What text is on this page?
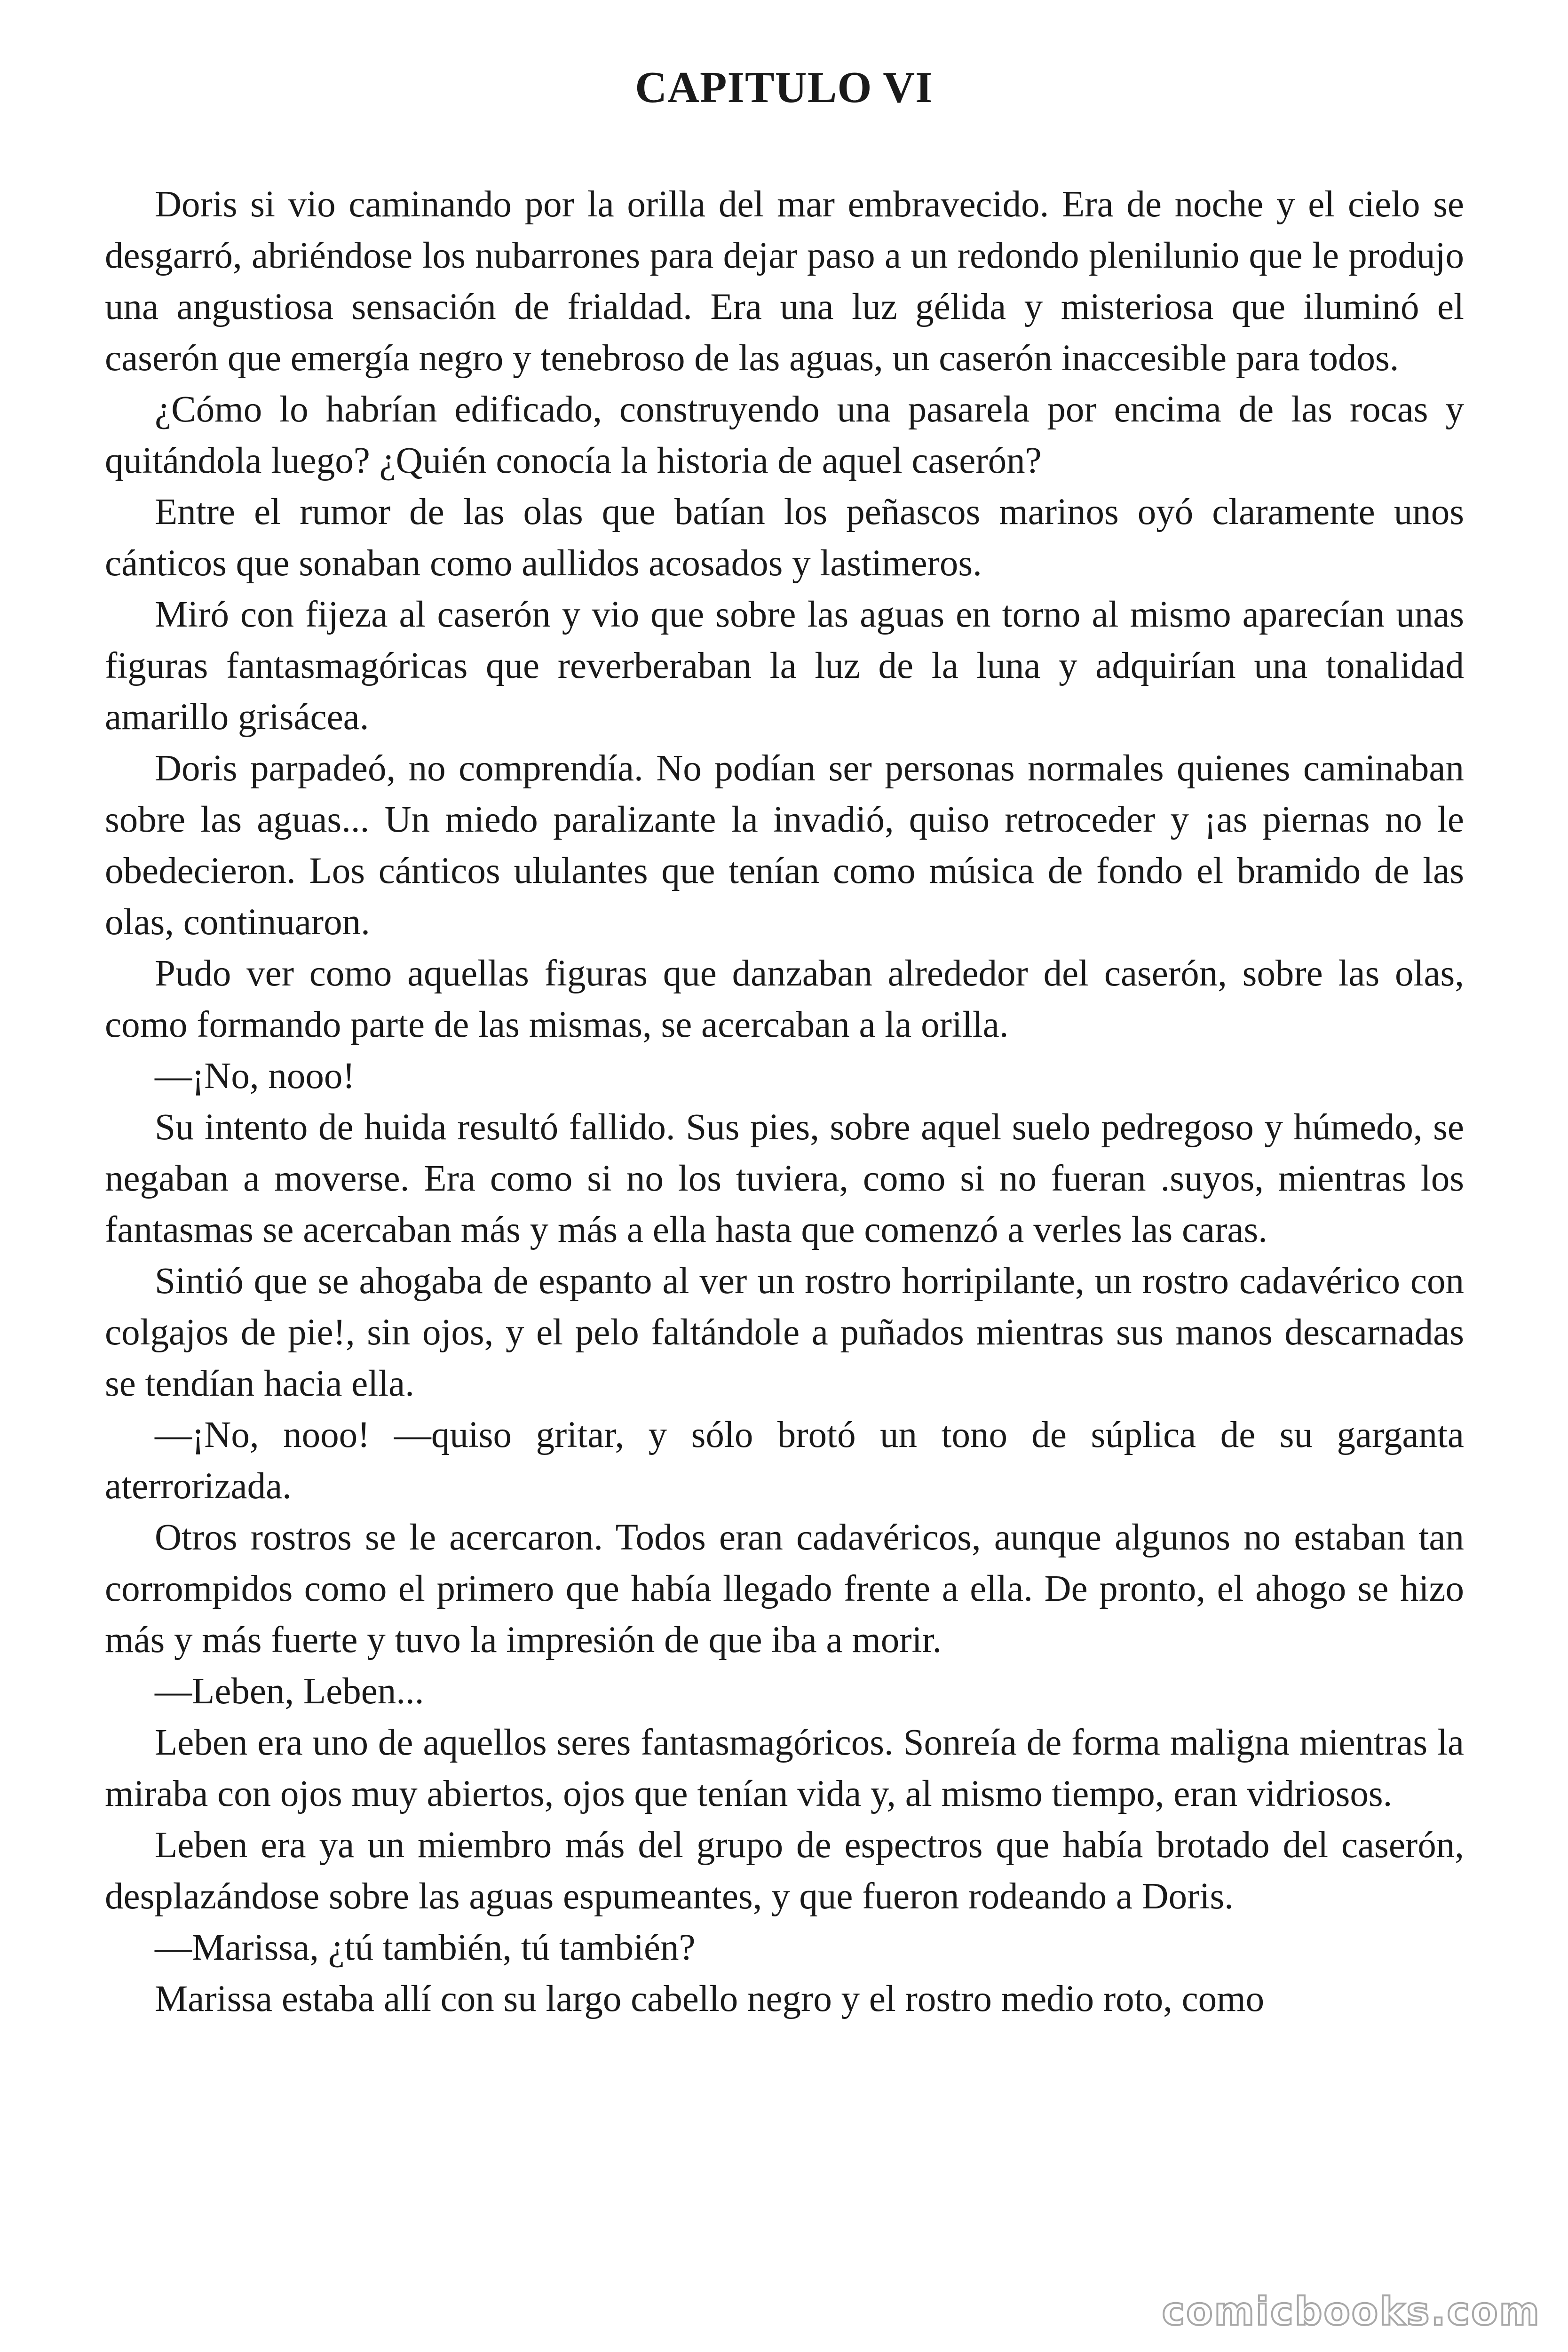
CAPITULO VI

Doris si vio caminando por la orilla del mar embravecido. Era de noche y el cielo se desgarró, abriéndose los nubarrones para dejar paso a un redondo plenilunio que le produjo una angustiosa sensación de frialdad. Era una luz gélida y misteriosa que iluminó el caserón que emergía negro y tenebroso de las aguas, un caserón inaccesible para todos.

¿Cómo lo habrían edificado, construyendo una pasarela por encima de las rocas y quitándola luego? ¿Quién conocía la historia de aquel caserón?

Entre el rumor de las olas que batían los peñascos marinos oyó claramente unos cánticos que sonaban como aullidos acosados y lastimeros.

Miró con fijeza al caserón y vio que sobre las aguas en torno al mismo aparecían unas figuras fantasmagóricas que reverberaban la luz de la luna y adquirían una tonalidad amarillo grisácea.

Doris parpadeó, no comprendía. No podían ser personas normales quienes caminaban sobre las aguas... Un miedo paralizante la invadió, quiso retroceder y ¡as piernas no le obedecieron. Los cánticos ululantes que tenían como música de fondo el bramido de las olas, continuaron.

Pudo ver como aquellas figuras que danzaban alrededor del caserón, sobre las olas, como formando parte de las mismas, se acercaban a la orilla.

—¡No, nooo!

Su intento de huida resultó fallido. Sus pies, sobre aquel suelo pedregoso y húmedo, se negaban a moverse. Era como si no los tuviera, como si no fueran .suyos, mientras los fantasmas se acercaban más y más a ella hasta que comenzó a verles las caras.

Sintió que se ahogaba de espanto al ver un rostro horripilante, un rostro cadavérico con colgajos de pie!, sin ojos, y el pelo faltándole a puñados mientras sus manos descarnadas se tendían hacia ella.

—¡No, nooo! —quiso gritar, y sólo brotó un tono de súplica de su garganta aterrorizada.

Otros rostros se le acercaron. Todos eran cadavéricos, aunque algunos no estaban tan corrompidos como el primero que había llegado frente a ella. De pronto, el ahogo se hizo más y más fuerte y tuvo la impresión de que iba a morir.

—Leben, Leben...

Leben era uno de aquellos seres fantasmagóricos. Sonreía de forma maligna mientras la miraba con ojos muy abiertos, ojos que tenían vida y, al mismo tiempo, eran vidriosos.

Leben era ya un miembro más del grupo de espectros que había brotado del caserón, desplazándose sobre las aguas espumeantes, y que fueron rodeando a Doris.

—Marissa, ¿tú también, tú también?

Marissa estaba allí con su largo cabello negro y el rostro medio roto, como

comicbooks.com
